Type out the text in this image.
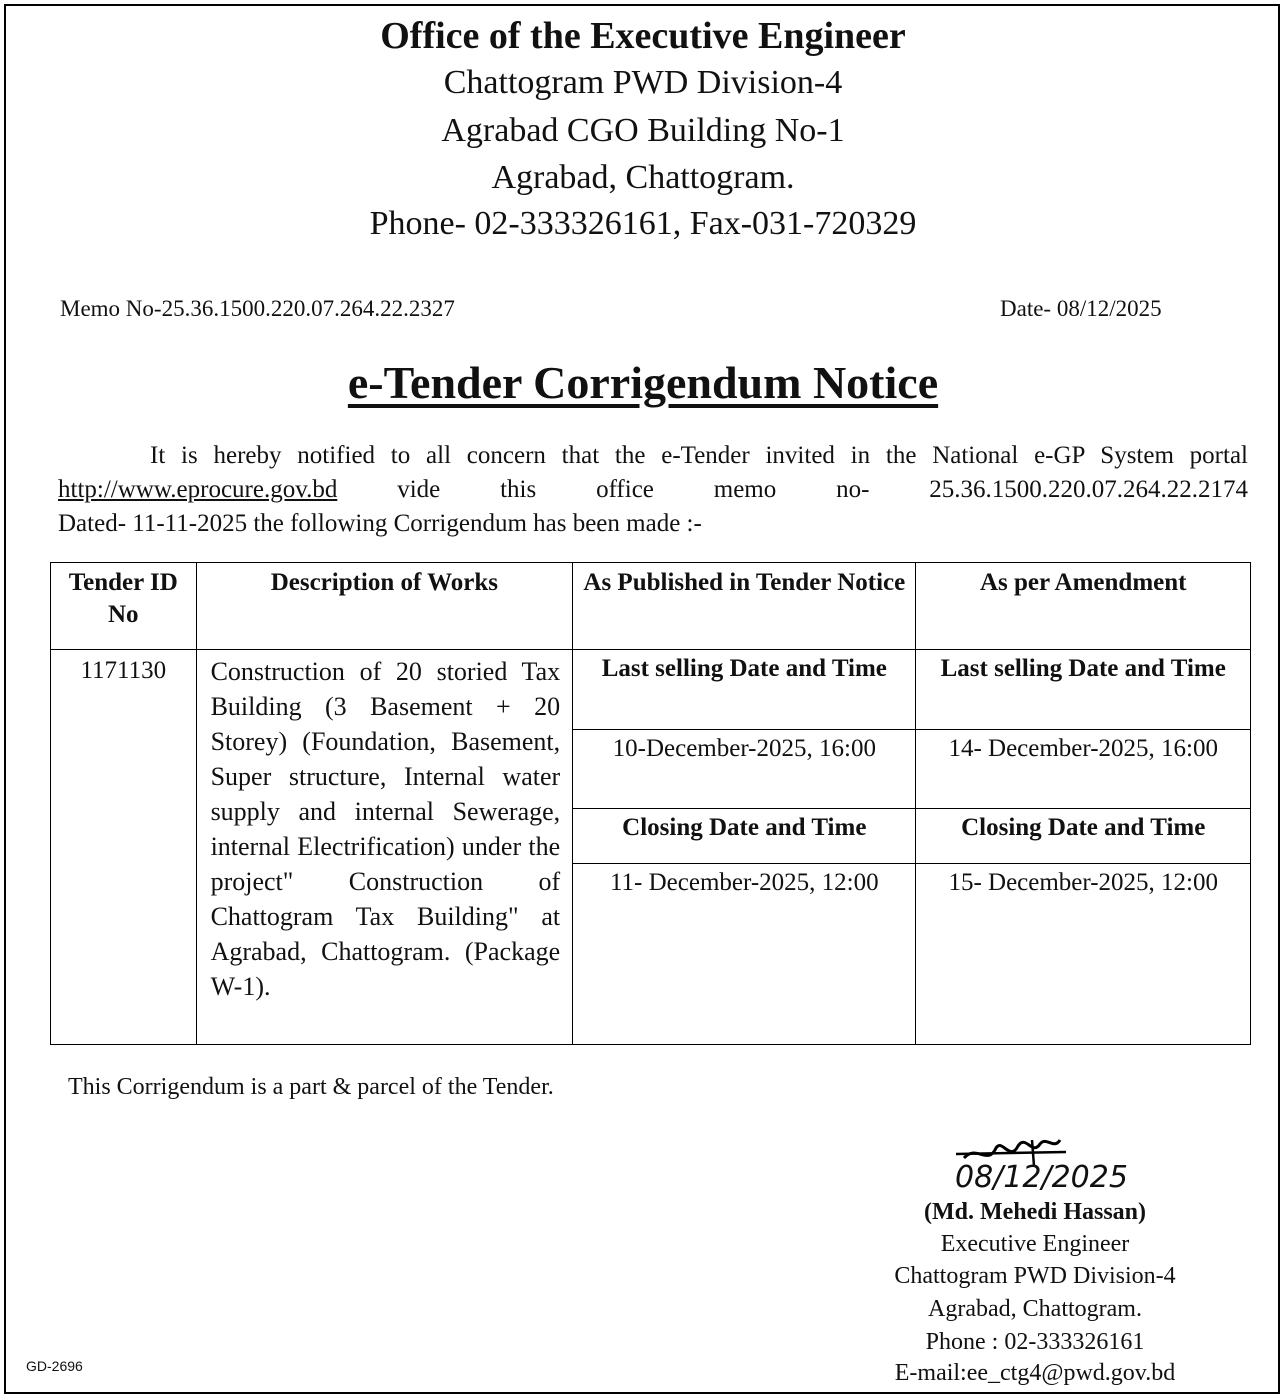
Office of the Executive Engineer
Chattogram PWD Division-4
Agrabad CGO Building No-1
Agrabad, Chattogram.
Phone- 02-333326161, Fax-031-720329
Memo No-25.36.1500.220.07.264.22.2327	Date- 08/12/2025
e-Tender Corrigendum Notice
It is hereby notified to all concern that the e-Tender invited in the National e-GP System portal
http://www.eprocure.gov.bd vide this office memo no- 25.36.1500.220.07.264.22.2174
Dated- 11-11-2025 the following Corrigendum has been made :-
Tender ID No	Description of Works	As Published in Tender Notice	As per Amendment
1171130	Construction of 20 storied Tax Building (3 Basement + 20 Storey) (Foundation, Basement, Super structure, Internal water supply and internal Sewerage, internal Electrification) under the project" Construction of Chattogram Tax Building" at Agrabad, Chattogram. (Package W-1).	Last selling Date and Time	Last selling Date and Time
		10-December-2025, 16:00	14- December-2025, 16:00
		Closing Date and Time	Closing Date and Time
		11- December-2025, 12:00	15- December-2025, 12:00
This Corrigendum is a part & parcel of the Tender.
08/12/2025
(Md. Mehedi Hassan)
Executive Engineer
Chattogram PWD Division-4
Agrabad, Chattogram.
Phone : 02-333326161
E-mail:ee_ctg4@pwd.gov.bd
GD-2696
